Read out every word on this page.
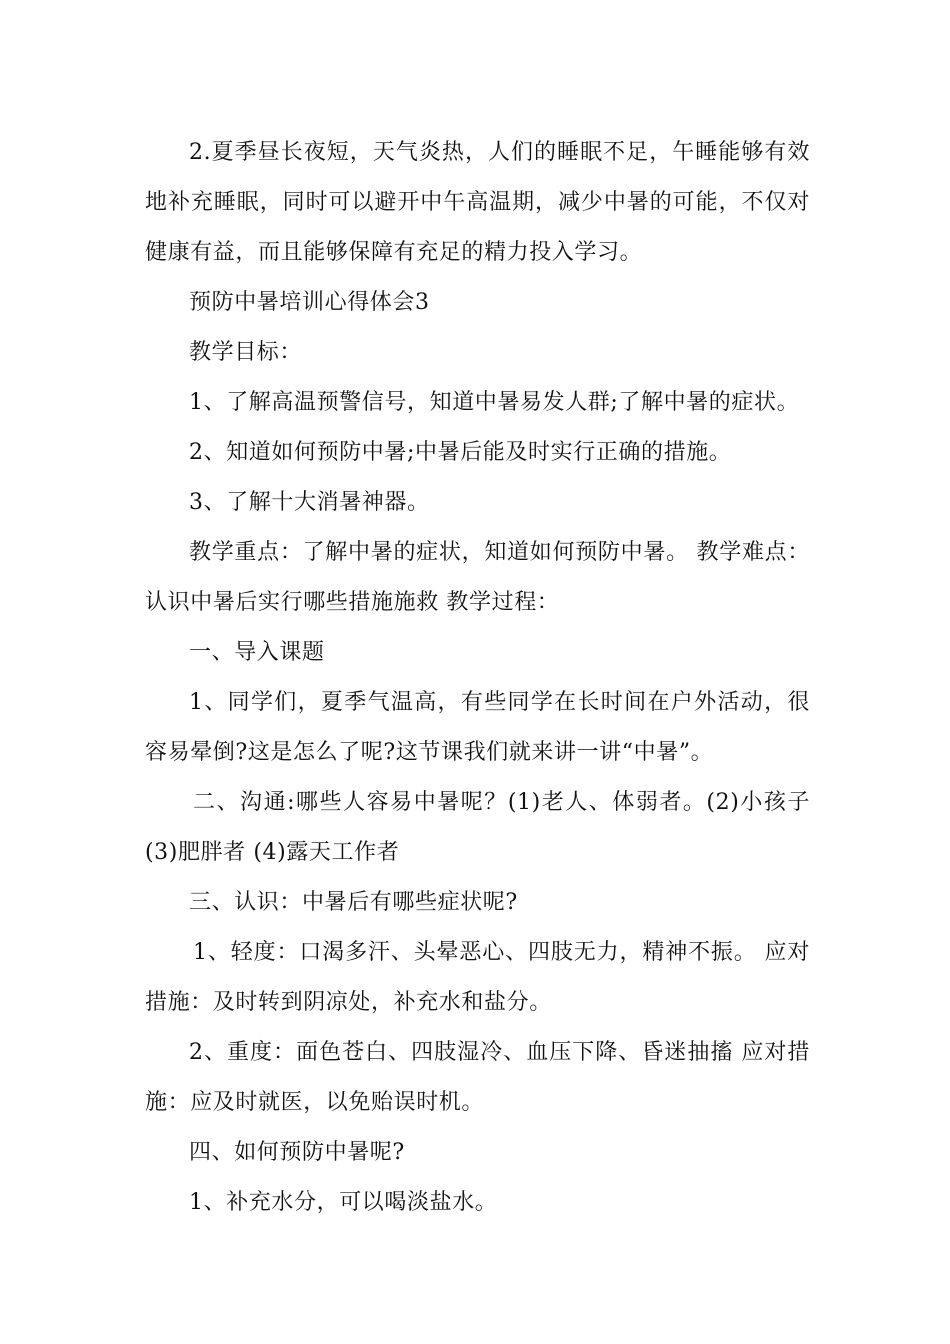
2.夏季昼长夜短，天气炎热，人们的睡眠不足，午睡能够有效地补充睡眠，同时可以避开中午高温期，减少中暑的可能，不仅对健康有益，而且能够保障有充足的精力投入学习。

预防中暑培训心得体会3

教学目标：

1、了解高温预警信号，知道中暑易发人群;了解中暑的症状。

2、知道如何预防中暑;中暑后能及时实行正确的措施。

3、了解十大消暑神器。

教学重点：了解中暑的症状，知道如何预防中暑。 教学难点：认识中暑后实行哪些措施施救 教学过程：

一、导入课题

1、同学们，夏季气温高，有些同学在长时间在户外活动，很容易晕倒?这是怎么了呢?这节课我们就来讲一讲“中暑”。

二、沟通:哪些人容易中暑呢？(1)老人、体弱者。(2)小孩子(3)肥胖者 (4)露天工作者

三、认识：中暑后有哪些症状呢?

1、轻度：口渴多汗、头晕恶心、四肢无力，精神不振。 应对措施：及时转到阴凉处，补充水和盐分。

2、重度：面色苍白、四肢湿冷、血压下降、昏迷抽搐 应对措施：应及时就医，以免贻误时机。

四、如何预防中暑呢?

1、补充水分，可以喝淡盐水。
